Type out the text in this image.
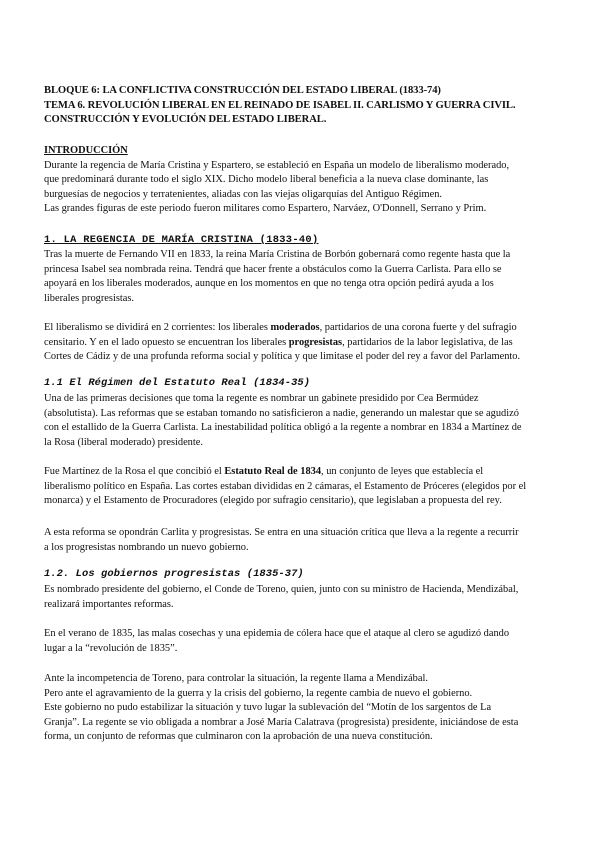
BLOQUE 6: LA CONFLICTIVA CONSTRUCCIÓN DEL ESTADO LIBERAL (1833-74)
TEMA 6. REVOLUCIÓN LIBERAL EN EL REINADO DE ISABEL II. CARLISMO Y GUERRA CIVIL.
CONSTRUCCIÓN Y EVOLUCIÓN DEL ESTADO LIBERAL.
INTRODUCCIÓN
Durante la regencia de María Cristina y Espartero, se estableció en España un modelo de liberalismo moderado,
que predominará durante todo el siglo XIX. Dicho modelo liberal beneficia a la nueva clase dominante, las
burguesías de negocios y terratenientes, aliadas con las viejas oligarquías del Antiguo Régimen.
Las grandes figuras de este periodo fueron militares como Espartero, Narváez, O'Donnell, Serrano y Prim.
1. LA REGENCIA DE MARÍA CRISTINA (1833-40)
Tras la muerte de Fernando VII en 1833, la reina María Cristina de Borbón gobernará como regente hasta que la
princesa Isabel sea nombrada reina. Tendrá que hacer frente a obstáculos como la Guerra Carlista. Para ello se
apoyará en los liberales moderados, aunque en los momentos en que no tenga otra opción pedirá ayuda a los
liberales progresistas.
El liberalismo se dividirá en 2 corrientes: los liberales moderados, partidarios de una corona fuerte y del sufragio
censitario. Y en el lado opuesto se encuentran los liberales progresistas, partidarios de la labor legislativa, de las
Cortes de Cádiz y de una profunda reforma social y política y que limitase el poder del rey a favor del Parlamento.
1.1 El Régimen del Estatuto Real (1834-35)
Una de las primeras decisiones que toma la regente es nombrar un gabinete presidido por Cea Bermúdez
(absolutista). Las reformas que se estaban tomando no satisficieron a nadie, generando un malestar que se agudizó
con el estallido de la Guerra Carlista. La inestabilidad política obligó a la regente a nombrar en 1834 a Martínez de
la Rosa (liberal moderado) presidente.
Fue Martínez de la Rosa el que concibió el Estatuto Real de 1834, un conjunto de leyes que establecía el
liberalismo político en España. Las cortes estaban divididas en 2 cámaras, el Estamento de Próceres (elegidos por el
monarca) y el Estamento de Procuradores (elegido por sufragio censitario), que legislaban a propuesta del rey.
A esta reforma se opondrán Carlita y progresistas. Se entra en una situación crítica que lleva a la regente a recurrir
a los progresistas nombrando un nuevo gobierno.
1.2. Los gobiernos progresistas (1835-37)
Es nombrado presidente del gobierno, el Conde de Toreno, quien, junto con su ministro de Hacienda, Mendizábal,
realizará importantes reformas.
En el verano de 1835, las malas cosechas y una epidemia de cólera hace que el ataque al clero se agudizó dando
lugar a la “revolución de 1835”.
Ante la incompetencia de Toreno, para controlar la situación, la regente llama a Mendizábal.
Pero ante el agravamiento de la guerra y la crisis del gobierno, la regente cambia de nuevo el gobierno.
Este gobierno no pudo estabilizar la situación y tuvo lugar la sublevación del “Motín de los sargentos de La
Granja”. La regente se vio obligada a nombrar a José María Calatrava (progresista) presidente, iniciándose de esta
forma, un conjunto de reformas que culminaron con la aprobación de una nueva constitución.
